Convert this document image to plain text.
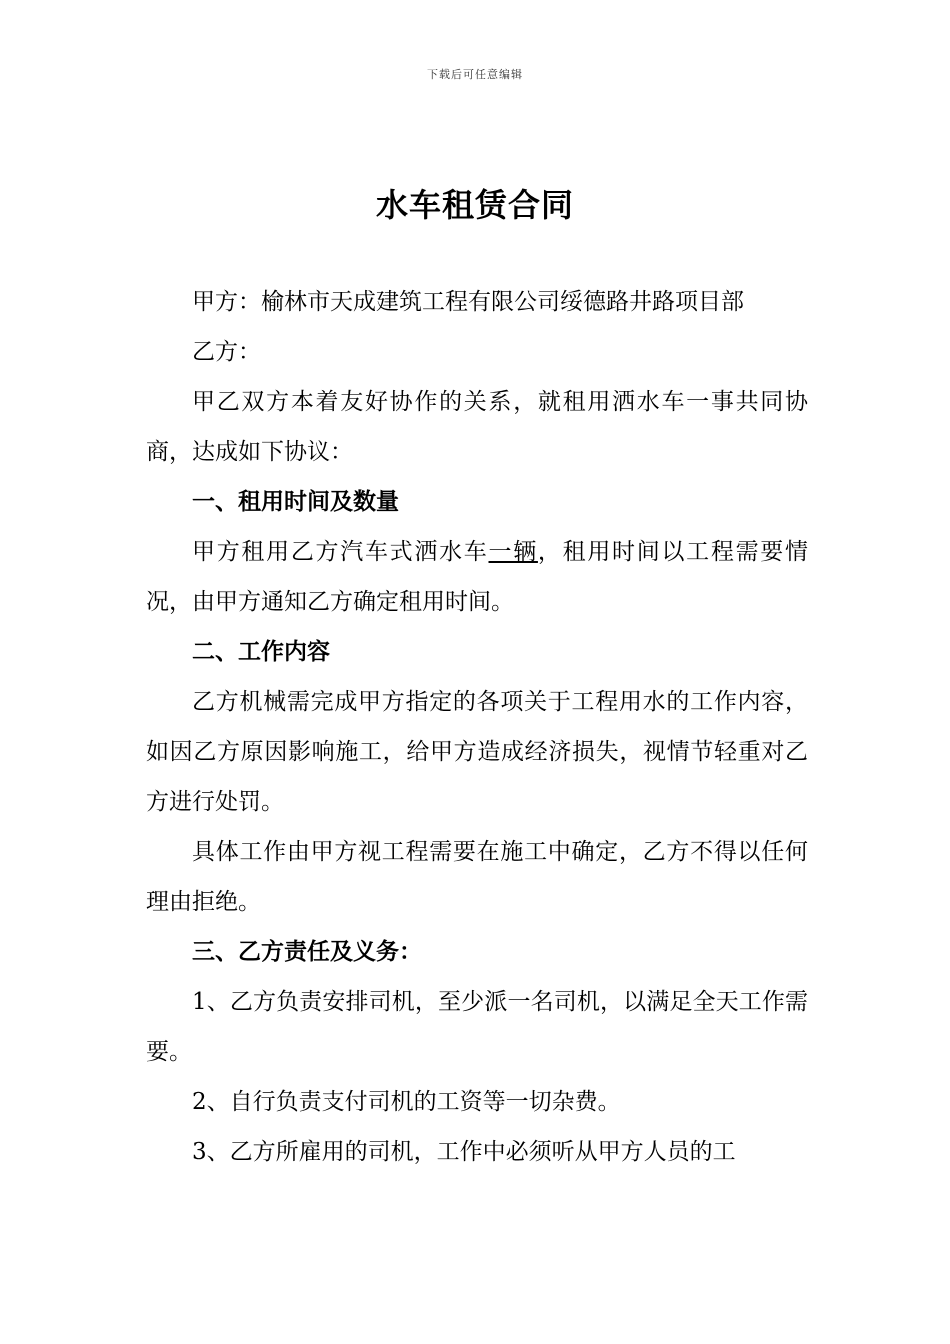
下载后可任意编辑
水车租赁合同

甲方：榆林市天成建筑工程有限公司绥德路井路项目部

乙方：

甲乙双方本着友好协作的关系，就租用洒水车一事共同协商，达成如下协议：

一、租用时间及数量

甲方租用乙方汽车式洒水车一辆，租用时间以工程需要情况，由甲方通知乙方确定租用时间。

二、工作内容

乙方机械需完成甲方指定的各项关于工程用水的工作内容，如因乙方原因影响施工，给甲方造成经济损失，视情节轻重对乙方进行处罚。

具体工作由甲方视工程需要在施工中确定，乙方不得以任何理由拒绝。

三、乙方责任及义务：

1、乙方负责安排司机，至少派一名司机，以满足全天工作需要。

2、自行负责支付司机的工资等一切杂费。

3、乙方所雇用的司机，工作中必须听从甲方人员的工
